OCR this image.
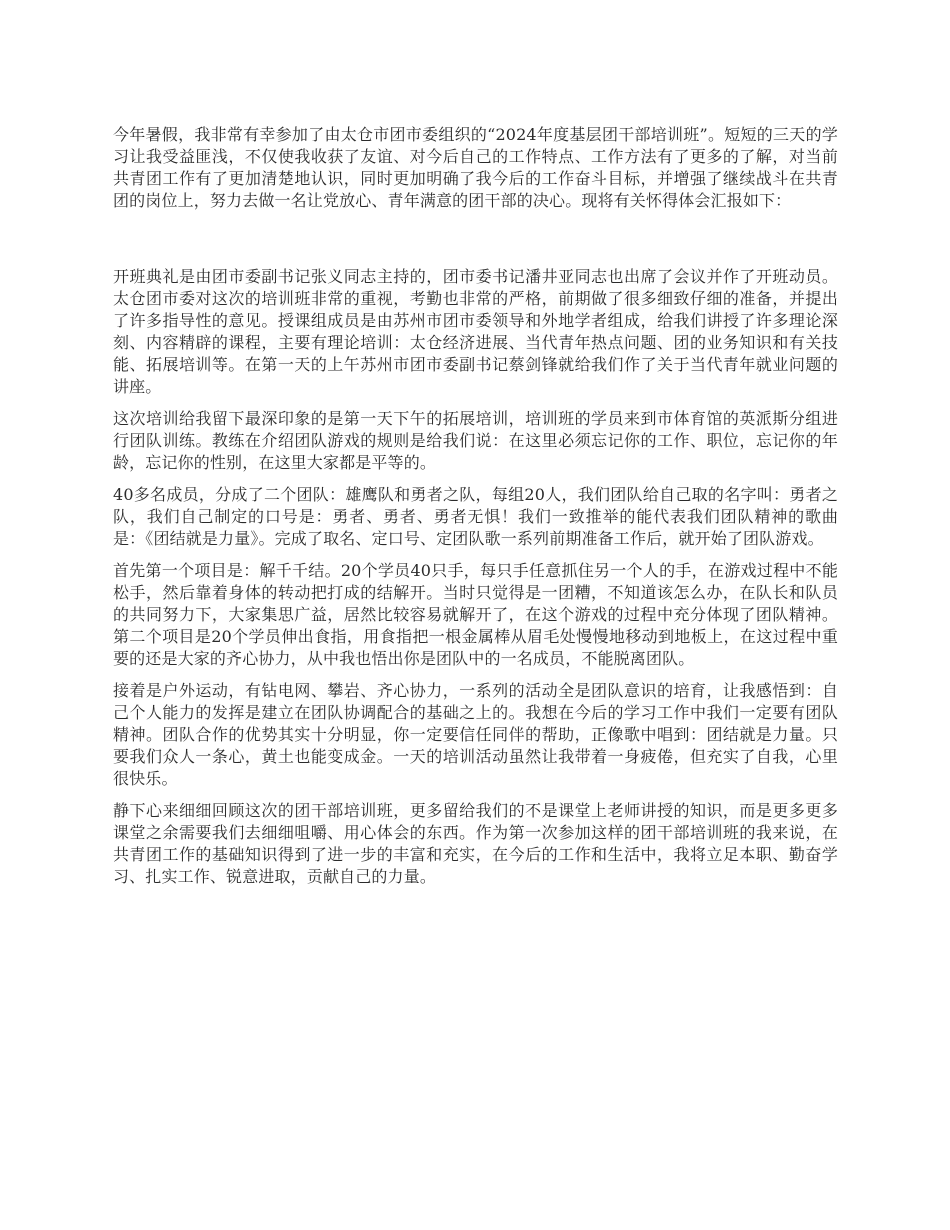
今年暑假，我非常有幸参加了由太仓市团市委组织的“2024年度基层团干部培训班”。短短的三天的学习让我受益匪浅，不仅使我收获了友谊、对今后自己的工作特点、工作方法有了更多的了解，对当前共青团工作有了更加清楚地认识，同时更加明确了我今后的工作奋斗目标，并增强了继续战斗在共青团的岗位上，努力去做一名让党放心、青年满意的团干部的决心。现将有关怀得体会汇报如下：

开班典礼是由团市委副书记张义同志主持的，团市委书记潘井亚同志也出席了会议并作了开班动员。太仓团市委对这次的培训班非常的重视，考勤也非常的严格，前期做了很多细致仔细的准备，并提出了许多指导性的意见。授课组成员是由苏州市团市委领导和外地学者组成，给我们讲授了许多理论深刻、内容精辟的课程，主要有理论培训：太仓经济进展、当代青年热点问题、团的业务知识和有关技能、拓展培训等。在第一天的上午苏州市团市委副书记蔡剑锋就给我们作了关于当代青年就业问题的讲座。

这次培训给我留下最深印象的是第一天下午的拓展培训，培训班的学员来到市体育馆的英派斯分组进行团队训练。教练在介绍团队游戏的规则是给我们说：在这里必须忘记你的工作、职位，忘记你的年龄，忘记你的性别，在这里大家都是平等的。

40多名成员，分成了二个团队：雄鹰队和勇者之队，每组20人，我们团队给自己取的名字叫：勇者之队，我们自己制定的口号是：勇者、勇者、勇者无惧！我们一致推举的能代表我们团队精神的歌曲是：《团结就是力量》。完成了取名、定口号、定团队歌一系列前期准备工作后，就开始了团队游戏。

首先第一个项目是：解千千结。20个学员40只手，每只手任意抓住另一个人的手，在游戏过程中不能松手，然后靠着身体的转动把打成的结解开。当时只觉得是一团糟，不知道该怎么办，在队长和队员的共同努力下，大家集思广益，居然比较容易就解开了，在这个游戏的过程中充分体现了团队精神。第二个项目是20个学员伸出食指，用食指把一根金属棒从眉毛处慢慢地移动到地板上，在这过程中重要的还是大家的齐心协力，从中我也悟出你是团队中的一名成员，不能脱离团队。

接着是户外运动，有钻电网、攀岩、齐心协力，一系列的活动全是团队意识的培育，让我感悟到：自己个人能力的发挥是建立在团队协调配合的基础之上的。我想在今后的学习工作中我们一定要有团队精神。团队合作的优势其实十分明显，你一定要信任同伴的帮助，正像歌中唱到：团结就是力量。只要我们众人一条心，黄土也能变成金。一天的培训活动虽然让我带着一身疲倦，但充实了自我，心里很快乐。

静下心来细细回顾这次的团干部培训班，更多留给我们的不是课堂上老师讲授的知识，而是更多更多课堂之余需要我们去细细咀嚼、用心体会的东西。作为第一次参加这样的团干部培训班的我来说，在共青团工作的基础知识得到了进一步的丰富和充实，在今后的工作和生活中，我将立足本职、勤奋学习、扎实工作、锐意进取，贡献自己的力量。
